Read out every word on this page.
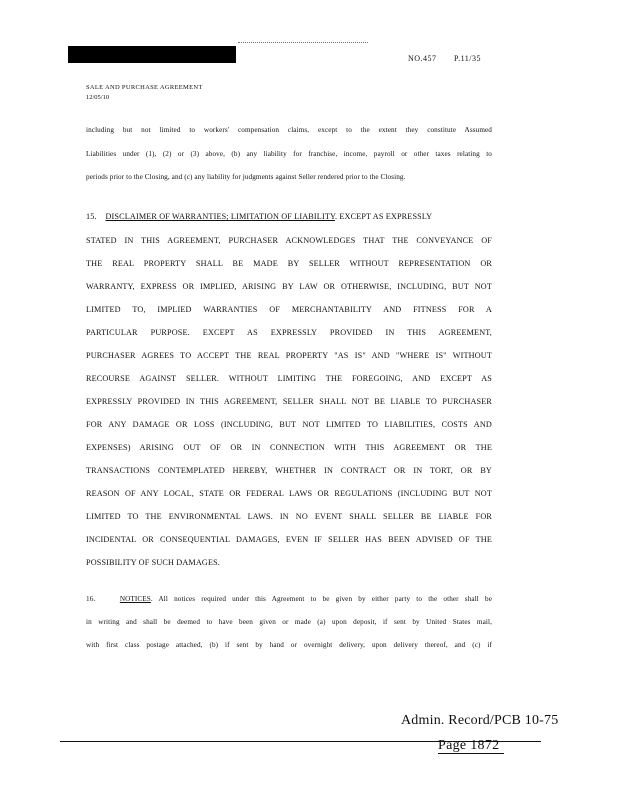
NO.457 P.11/35
SALE AND PURCHASE AGREEMENT
12/05/10
including but not limited to workers' compensation claims, except to the extent they constitute Assumed
Liabilities under (1), (2) or (3) above, (b) any liability for franchise, income, payroll or other taxes relating to
periods prior to the Closing, and (c) any liability for judgments against Seller rendered prior to the Closing.
15. DISCLAIMER OF WARRANTIES; LIMITATION OF LIABILITY. EXCEPT AS EXPRESSLY
STATED IN THIS AGREEMENT, PURCHASER ACKNOWLEDGES THAT THE CONVEYANCE OF
THE REAL PROPERTY SHALL BE MADE BY SELLER WITHOUT REPRESENTATION OR
WARRANTY, EXPRESS OR IMPLIED, ARISING BY LAW OR OTHERWISE, INCLUDING, BUT NOT
LIMITED TO, IMPLIED WARRANTIES OF MERCHANTABILITY AND FITNESS FOR A
PARTICULAR PURPOSE. EXCEPT AS EXPRESSLY PROVIDED IN THIS AGREEMENT,
PURCHASER AGREES TO ACCEPT THE REAL PROPERTY "AS IS" AND "WHERE IS" WITHOUT
RECOURSE AGAINST SELLER. WITHOUT LIMITING THE FOREGOING, AND EXCEPT AS
EXPRESSLY PROVIDED IN THIS AGREEMENT, SELLER SHALL NOT BE LIABLE TO PURCHASER
FOR ANY DAMAGE OR LOSS (INCLUDING, BUT NOT LIMITED TO LIABILITIES, COSTS AND
EXPENSES) ARISING OUT OF OR IN CONNECTION WITH THIS AGREEMENT OR THE
TRANSACTIONS CONTEMPLATED HEREBY, WHETHER IN CONTRACT OR IN TORT, OR BY
REASON OF ANY LOCAL, STATE OR FEDERAL LAWS OR REGULATIONS (INCLUDING BUT NOT
LIMITED TO THE ENVIRONMENTAL LAWS. IN NO EVENT SHALL SELLER BE LIABLE FOR
INCIDENTAL OR CONSEQUENTIAL DAMAGES, EVEN IF SELLER HAS BEEN ADVISED OF THE
POSSIBILITY OF SUCH DAMAGES.
16.	NOTICES. All notices required under this Agreement to be given by either party to the other shall be
in writing and shall be deemed to have been given or made (a) upon deposit, if sent by United States mail,
with first class postage attached, (b) if sent by hand or overnight delivery, upon delivery thereof, and (c) if
Admin. Record/PCB 10-75
Page 1872
